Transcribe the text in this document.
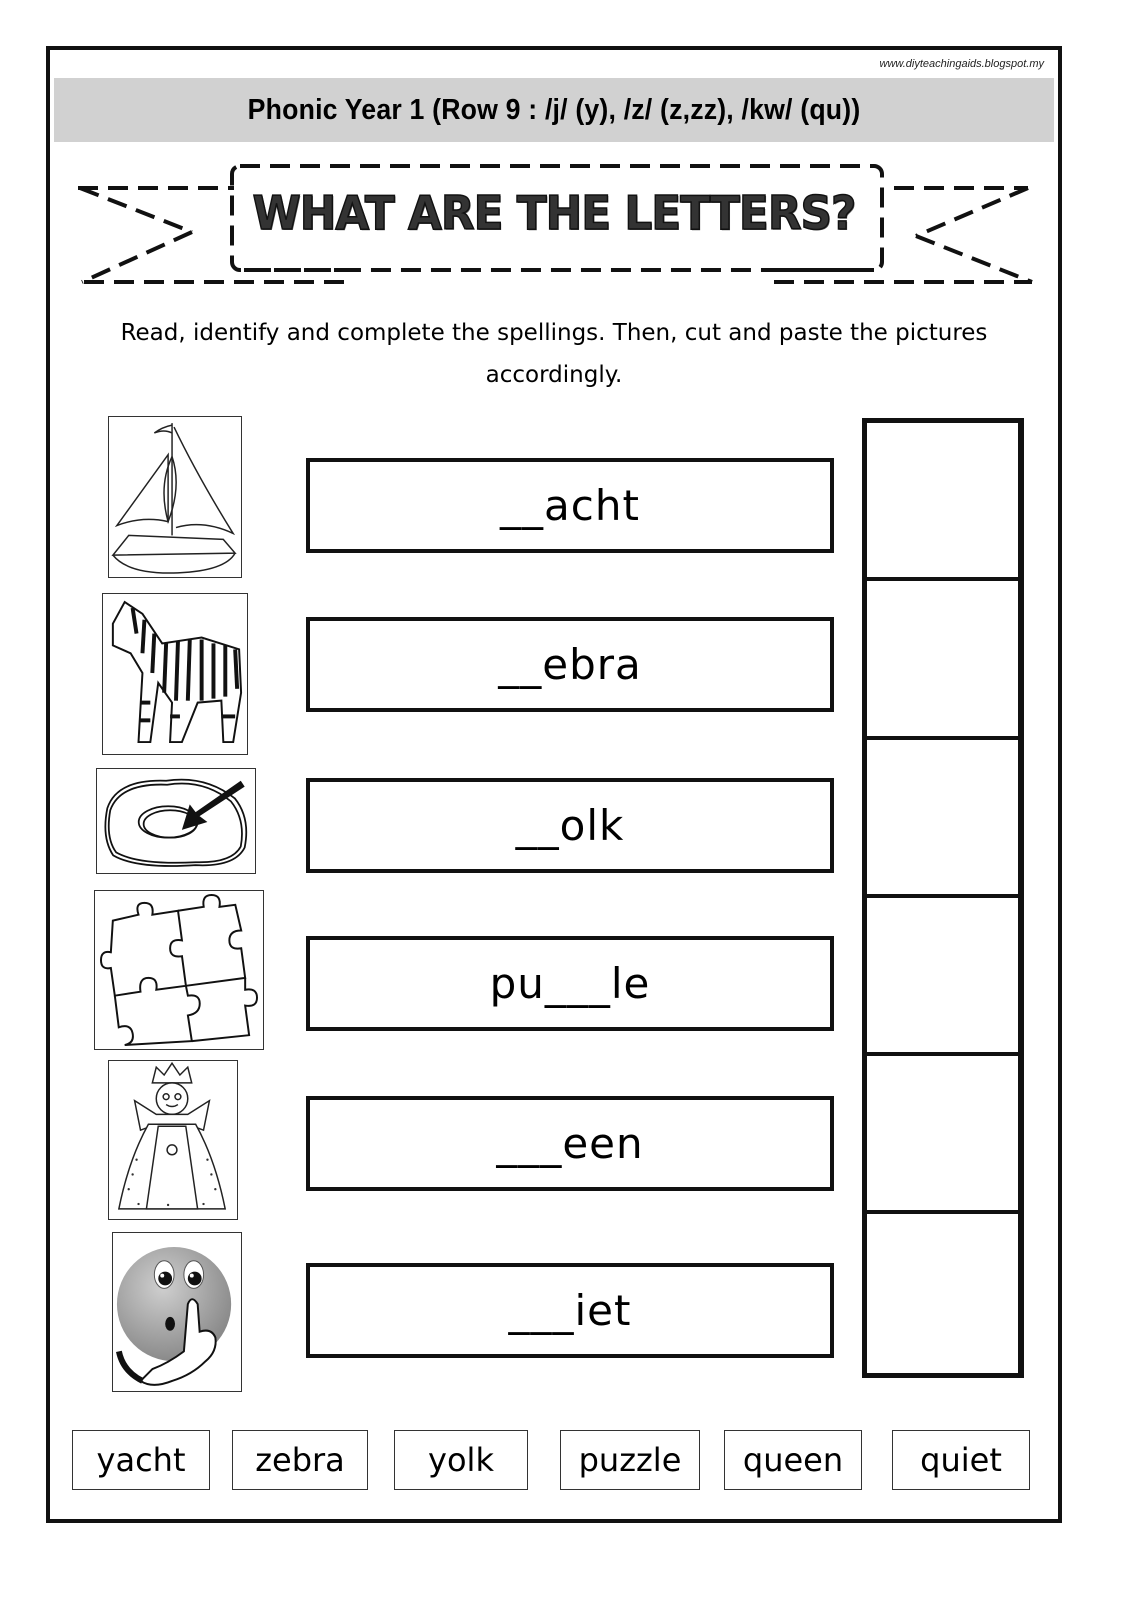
www.diyteachingaids.blogspot.my
Phonic Year 1 (Row 9 : /j/ (y), /z/ (z,zz), /kw/ (qu))
WHAT ARE THE LETTERS?
Read, identify and complete the spellings. Then, cut and paste the pictures accordingly.
__acht
__ebra
__olk
pu___le
___een
___iet
yacht zebra	yolk	puzzle queen quiet
